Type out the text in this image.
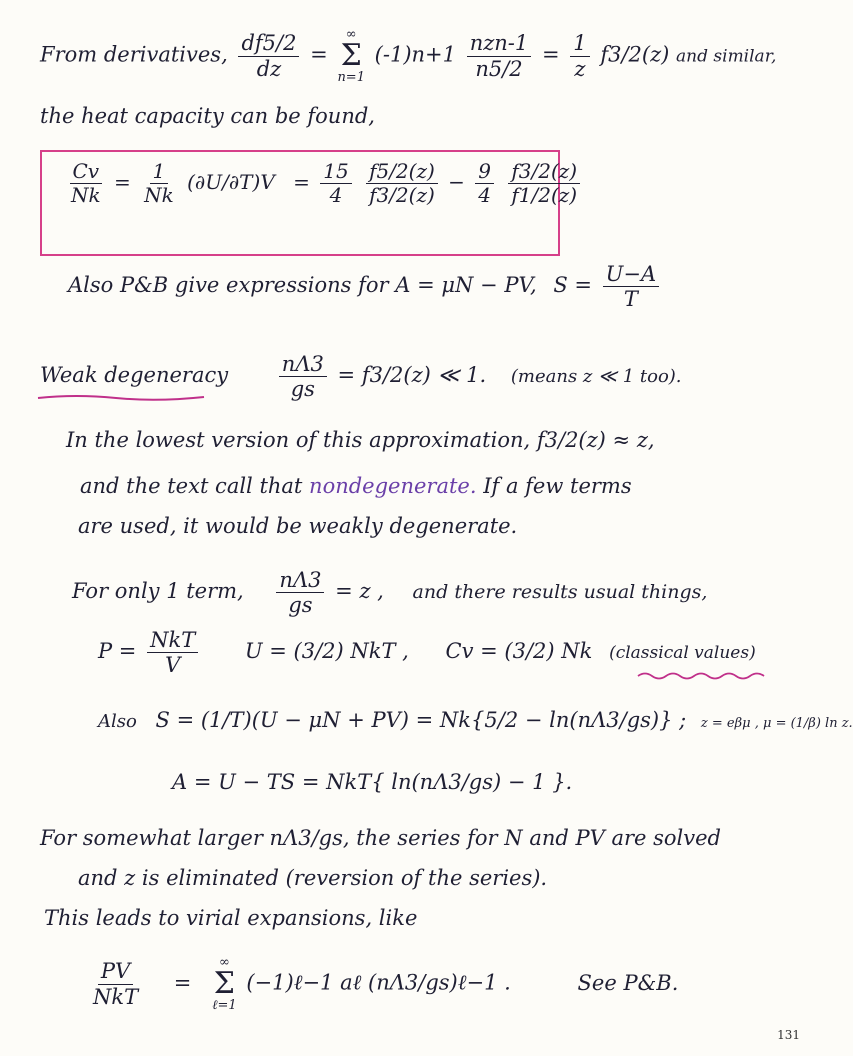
From derivatives, $\frac{df5/2}{dz}$ =
∞
Σ
n=1
$(-1)n+1 \frac{\text{nzn-1}}{n5/2} = \frac{1}{z} f3/2(z)$ and similar,
the heat capacity can be found,
$\frac{Cv}{Nk} = \frac{1}{Nk} (\partial U/\partial T)V = \frac{15}{4}$
$\frac{f5/2(z)}{f3/2(z)} - \frac{9}{4}$
$\frac{f3/2(z)}{f1/2(z)}$
Also P&B give expressions for A = μN − PV, $S = \frac{U-A}{T}$
Weak degeneracy $\frac{n\Lambda 3}{gs} = f3/2(z)$ ≪ 1. (means z ≪ 1 too).
In the lowest version of this approximation, f3/2(z) ≈ z,
and the text call that nondegenerate. If a few terms
are used, it would be weakly degenerate.
For only 1 term, $\frac{n\Lambda 3}{gs} = z$ , and there results usual things,
$P = \frac{\text{NkT}}{V}$ U = (3/2) NkT , Cv = (3/2) Nk (classical values)
Also S = (1/T)(U − μN + PV) = Nk{5/2 − ln(nΛ3/gs)} ; z = eβμ , μ = (1/β) ln z.
A = U − TS = NkT{ ln(nΛ3/gs) − 1 }.
For somewhat larger nΛ3/gs, the series for N and PV are solved
and z is eliminated (reversion of the series).
This leads to virial expansions, like
$\frac{PV}{\text{NkT}}$ =
∞
Σ
ℓ=1
(−1)ℓ−1 aℓ (nΛ3/gs)ℓ−1 .	See P&B.
131
